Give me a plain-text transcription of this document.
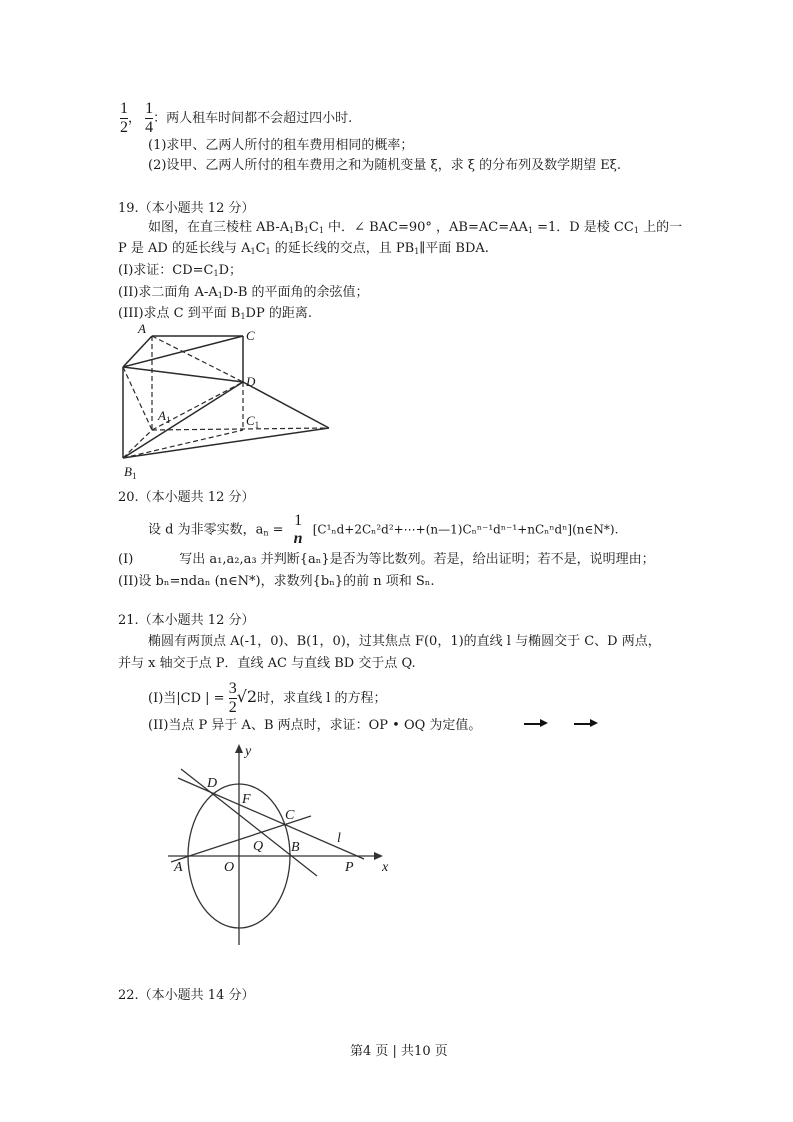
$\frac{1}{2}$ ， $\frac{1}{4}$ ：两人租车时间都不会超过四小时.
(1)求甲、乙两人所付的租车费用相同的概率；
(2)设甲、乙两人所付的租车费用之和为随机变量 ξ，求 ξ 的分布列及数学期望 Eξ.
19.（本小题共 12 分）
如图，在直三棱柱 $AB-A_1B_1C_1$ 中．∠ BAC=90° ，$AB=AC=AA_1 =1$．D 是棱 $CC_1$ 上的一
P 是 AD 的延长线与 $A_1C_1$ 的延长线的交点，且 $PB_1\parallel$平面 BDA.
(I)求证：$CD=C_1D$；
(II)求二面角 $A-A_1D-B$ 的平面角的余弦值；
(III)求点 C 到平面 $B_1DP$ 的距离.
A	C
D
$A_1$	$C_1$
$B_1$
20.（本小题共 12 分）
设 d 为非零实数，$a_n$ =
1
n
[C¹ₙd+2Cₙ²d²+⋯+(n—1)Cₙⁿ⁻¹dⁿ⁻¹+nCₙⁿdⁿ](n∈N*).
(I)	写出 a₁,a₂,a₃ 并判断{aₙ}是否为等比数列。若是，给出证明；若不是，说明理由；
(II)设 bₙ=ndaₙ (n∈N*)，求数列{bₙ}的前 n 项和 Sₙ.
21.（本小题共 12 分）
椭圆有两顶点 A(-1，0)、B(1，0)，过其焦点 F(0，1)的直线 l 与椭圆交于 C、D 两点，
并与 x 轴交于点 P．直线 AC 与直线 BD 交于点 Q.
(I)当|CD | = $\frac{3}{2} √2$时，求直线 l 的方程；
(II)当点 P 异于 A、B 两点时，求证：OP • OQ 为定值。
y
x
D
F
C
Q B
l
A	O	P
22.（本小题共 14 分）
第4 页 | 共10 页
